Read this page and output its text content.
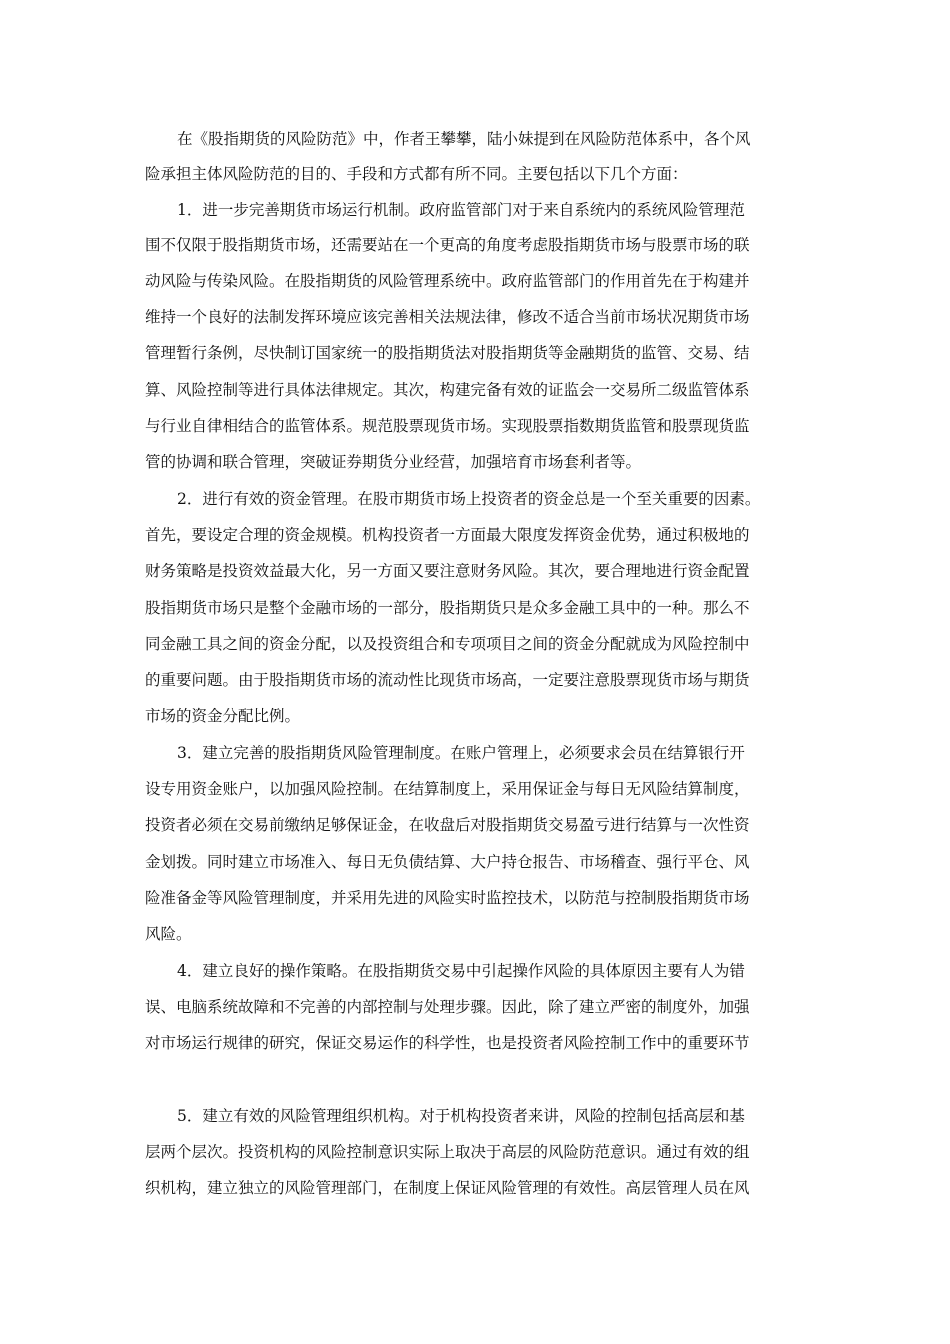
在《股指期货的风险防范》中，作者王攀攀，陆小妹提到在风险防范体系中，各个风
险承担主体风险防范的目的、手段和方式都有所不同。主要包括以下几个方面：
1．进一步完善期货市场运行机制。政府监管部门对于来自系统内的系统风险管理范
围不仅限于股指期货市场，还需要站在一个更高的角度考虑股指期货市场与股票市场的联
动风险与传染风险。在股指期货的风险管理系统中。政府监管部门的作用首先在于构建并
维持一个良好的法制发挥环境应该完善相关法规法律，修改不适合当前市场状况期货市场
管理暂行条例，尽快制订国家统一的股指期货法对股指期货等金融期货的监管、交易、结
算、风险控制等进行具体法律规定。其次，构建完备有效的证监会一交易所二级监管体系
与行业自律相结合的监管体系。规范股票现货市场。实现股票指数期货监管和股票现货监
管的协调和联合管理，突破证券期货分业经营，加强培育市场套利者等。
2．进行有效的资金管理。在股市期货市场上投资者的资金总是一个至关重要的因素。
首先，要设定合理的资金规模。机构投资者一方面最大限度发挥资金优势，通过积极地的
财务策略是投资效益最大化，另一方面又要注意财务风险。其次，要合理地进行资金配置
股指期货市场只是整个金融市场的一部分，股指期货只是众多金融工具中的一种。那么不
同金融工具之间的资金分配，以及投资组合和专项项目之间的资金分配就成为风险控制中
的重要问题。由于股指期货市场的流动性比现货市场高，一定要注意股票现货市场与期货
市场的资金分配比例。
3．建立完善的股指期货风险管理制度。在账户管理上，必须要求会员在结算银行开
设专用资金账户，以加强风险控制。在结算制度上，采用保证金与每日无风险结算制度，
投资者必须在交易前缴纳足够保证金，在收盘后对股指期货交易盈亏进行结算与一次性资
金划拨。同时建立市场准入、每日无负债结算、大户持仓报告、市场稽查、强行平仓、风
险准备金等风险管理制度，并采用先进的风险实时监控技术，以防范与控制股指期货市场
风险。
4．建立良好的操作策略。在股指期货交易中引起操作风险的具体原因主要有人为错
误、电脑系统故障和不完善的内部控制与处理步骤。因此，除了建立严密的制度外，加强
对市场运行规律的研究，保证交易运作的科学性，也是投资者风险控制工作中的重要环节
5．建立有效的风险管理组织机构。对于机构投资者来讲，风险的控制包括高层和基
层两个层次。投资机构的风险控制意识实际上取决于高层的风险防范意识。通过有效的组
织机构，建立独立的风险管理部门，在制度上保证风险管理的有效性。高层管理人员在风
